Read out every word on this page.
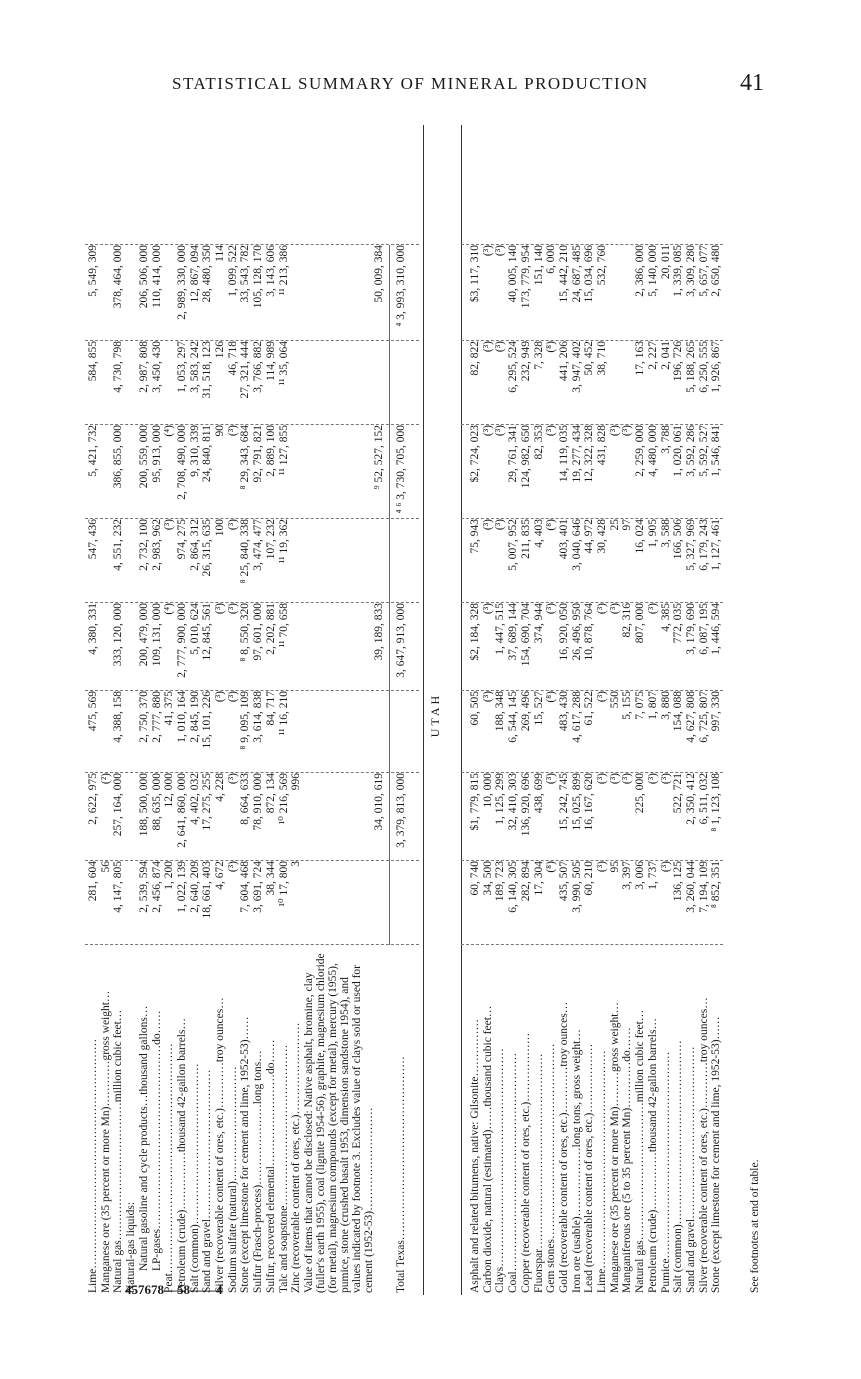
STATISTICAL SUMMARY OF MINERAL PRODUCTION	41
UTAH
See footnotes at end of table.
Lime……………………………………………………
281, 604
2, 622, 975
475, 569
4, 380, 331
547, 436
5, 421, 732
584, 855
5, 549, 309
Manganese ore (35 percent or more Mn)…………gross weight…
56
(²)
Natural gas………………………………million cubic feet…
4, 147, 805
257, 164, 000
4, 388, 158
333, 120, 000
4, 551, 232
386, 855, 000
4, 730, 798
378, 464, 000
Natural-gas liquids: Natural gasoline and cycle products…thousand gallons…
2, 539, 594
188, 500, 000
2, 750, 370
200, 479, 000
2, 732, 100
200, 559, 000
2, 987, 808
206, 506, 000
LP-gases…………………………………………do……
2, 456, 874
88, 635, 000
2, 777, 880
109, 131, 000
2, 983, 962
95, 913, 000
3, 450, 430
110, 414, 000
Peat……………………………………………………
1, 200
12, 000
41, 375
(⁴)
(³)
(⁴)
Petroleum (crude)……………thousand 42-gallon barrels…
1, 022, 139
2, 641, 860, 000
1, 010, 164
2, 777, 900, 000
974, 275
2, 708, 490, 000
1, 053, 297
2, 989, 330, 000
Salt (common)……………………………………
2, 640, 209
4, 402, 032
2, 845, 190
5, 010, 624
2, 864, 312
9, 310, 339
3, 583, 242
12, 867, 094
Sand and gravel…………………………………
18, 661, 403
17, 275, 255
15, 101, 226
12, 845, 561
26, 315, 635
24, 840, 811
31, 518, 123
28, 480, 350
Silver (recoverable content of ores, etc.)…………troy ounces…
4, 672
4, 228
(³)
(³)
100
90
126
114
Sodium sulfate (natural)…………………………
(³)
(³)
(³)
(³)
(³)
(³)
46, 718
1, 099, 522
Stone (except limestone for cement and lime, 1952-53)……
7, 604, 468
8, 664, 633
⁸ 9, 095, 109
⁸ 8, 550, 320
⁸ 25, 840, 338
⁸ 29, 343, 684
27, 321, 444
33, 543, 782
Sulfur (Frasch-process)…………………long tons…
3, 691, 724
78, 910, 000
3, 614, 838
97, 601, 000
3, 474, 477
92, 791, 821
3, 766, 882
105, 128, 170
Sulfur, recovered elemental……………………do……
38, 344
872, 134
84, 717
2, 202, 881
107, 232
2, 889, 100
114, 989
3, 143, 606
Talc and soapstone……………………………………
¹⁰ 17, 800
¹⁰ 216, 569
¹¹ 16, 210
¹¹ 70, 658
¹¹ 19, 362
¹¹ 127, 855
¹¹ 35, 064
¹¹ 213, 386
Zinc (recoverable content of ores, etc.)……………………
3
996
Value of items that cannot be disclosed: Native asphalt, bromine, clay (fuller's earth 1955), coal (lignite 1954-56), graphite, magnesium chloride (for metal), magnesium compounds (except for metal), mercury (1955), pumice, stone (crushed basalt 1953, dimension sandstone 1954), and values indicated by footnote 3. Excludes value of clays sold or used for cement (1952-53)………………………
34, 010, 619
39, 189, 833
⁹ 52, 527, 152
50, 009, 384
Total Texas…………………………………………
3, 379, 813, 000
3, 647, 913, 000
⁴ ⁶ 3, 730, 705, 000
⁴ 3, 993, 310, 000
Asphalt and related bitumens, native: Gilsonite……………
60, 740
$1, 779, 815
60, 505
$2, 184, 328
75, 943
$2, 724, 023
82, 822
$3, 117, 310
Carbon dioxide, natural (estimated)……thousand cubic feet…
34, 500
10, 000
(³)
(³)
(³)
(³)
(³)
(³)
Clays…………………………………………………
189, 723
1, 125, 299
188, 348
1, 447, 515
(³)
(³)
(³)
(³)
Coal…………………………………………………
6, 140, 305
32, 410, 303
6, 544, 145
37, 689, 144
5, 007, 952
29, 761, 341
6, 295, 524
40, 005, 140
Copper (recoverable content of ores, etc.)………………
282, 894
136, 920, 696
269, 496
154, 690, 704
211, 835
124, 982, 650
232, 949
173, 779, 954
Fluorspar……………………………………………
17, 304
438, 699
15, 527
374, 944
4, 403
82, 353
7, 328
151, 140
Gem stones……………………………………………
(⁸)
(³)
(⁸)
(³)
(⁸)
(³)
(⁸)
6, 000
Gold (recoverable content of ores, etc.)…………troy ounces…
435, 507
15, 242, 745
483, 430
16, 920, 050
403, 401
14, 119, 035
441, 206
15, 442, 210
Iron ore (usable)………………long tons, gross weight…
3, 990, 505
15, 025, 899
4, 617, 288
26, 496, 950
3, 040, 646
19, 277, 434
3, 947, 402
24, 687, 485
Lead (recoverable content of ores, etc.)………………
60, 210
16, 167, 620
61, 522
10, 878, 764
44, 972
12, 322, 328
50, 452
15, 034, 696
Lime…………………………………………………
(³)
(³)
(³)
(³)
30, 428
431, 828
38, 710
532, 760
Manganese ore (35 percent or more Mn)………gross weight…
95
(³)
550
(³)
25
(³)
Manganiferous ore (5 to 35 percent Mn)…………do……
3, 397
(³)
5, 155
82, 316
97
(³)
Natural gas………………………………million cubic feet…
3, 006
225, 000
7, 075
807, 000
16, 024
2, 259, 000
17, 163
2, 386, 000
Petroleum (crude)……………thousand 42-gallon barrels…
1, 737
(³)
1, 807
(³)
1, 905
4, 480, 000
2, 227
5, 140, 000
Pumice………………………………………………
(³)
(³)
3, 880
4, 385
3, 588
3, 788
2, 041
20, 011
Salt (common)…………………………………………
136, 125
522, 721
154, 088
772, 035
166, 506
1, 020, 061
196, 726
1, 339, 085
Sand and gravel………………………………………
3, 260, 044
2, 350, 412
4, 627, 808
3, 179, 690
5, 327, 969
3, 592, 286
5, 188, 265
3, 309, 280
Silver (recoverable content of ores, etc.)…………troy ounces…
7, 194, 109
6, 511, 032
6, 725, 807
6, 087, 195
6, 179, 243
5, 592, 527
6, 250, 555
5, 657, 077
Stone (except limestone for cement and lime, 1952-53)……
⁸ 852, 351
⁸ 1, 123, 108
997, 330
1, 446, 594
1, 127, 461
1, 546, 841
1, 926, 867
2, 650, 480
457678—58——4
